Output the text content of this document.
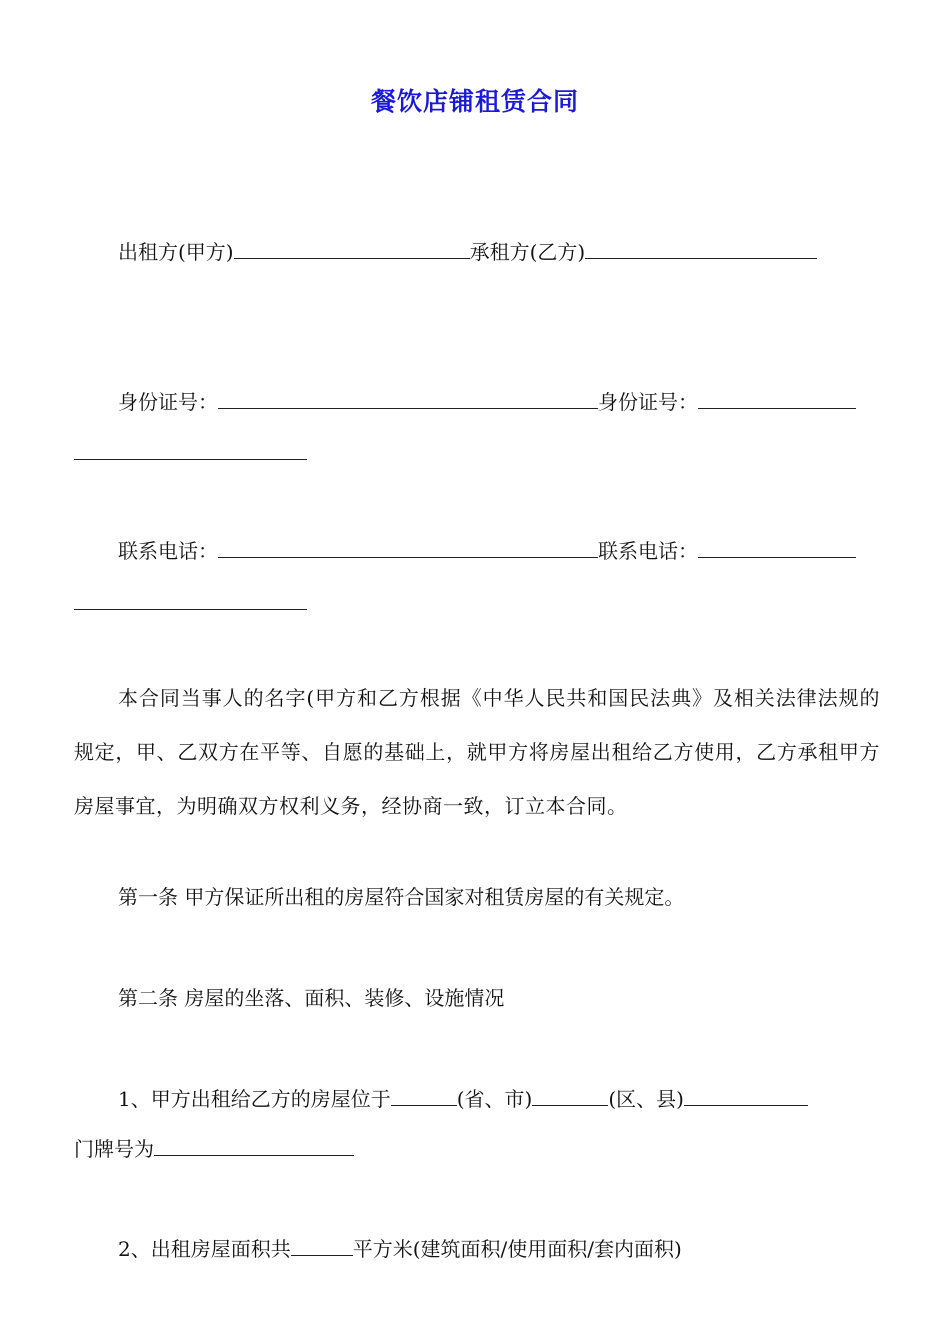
餐饮店铺租赁合同
出租方(甲方)	承租方(乙方)
身份证号：	身份证号：
联系电话：	联系电话：
本合同当事人的名字(甲方和乙方根据《中华人民共和国民法典》及相关法律法规的规定，甲、乙双方在平等、自愿的基础上，就甲方将房屋出租给乙方使用，乙方承租甲方房屋事宜，为明确双方权利义务，经协商一致，订立本合同。
第一条 甲方保证所出租的房屋符合国家对租赁房屋的有关规定。
第二条 房屋的坐落、面积、装修、设施情况
1、甲方出租给乙方的房屋位于	(省、市)	(区、县)
门牌号为
2、出租房屋面积共	平方米(建筑面积/使用面积/套内面积)
